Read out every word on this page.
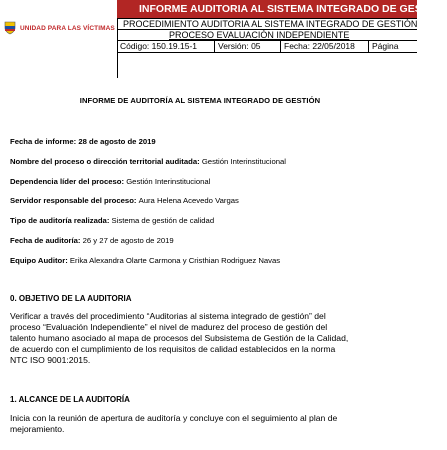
UNIDAD PARA LAS VÍCTIMAS
INFORME AUDITORIA AL SISTEMA INTEGRADO DE GESTIÓN
PROCEDIMIENTO AUDITORIA AL SISTEMA INTEGRADO DE GESTIÓN
PROCESO EVALUACIÓN INDEPENDIENTE
Código: 150.19.15-1	Versión: 05	Fecha: 22/05/2018	Página
INFORME DE AUDITORÍA AL SISTEMA INTEGRADO DE GESTIÓN
Fecha de informe: 28 de agosto de 2019
Nombre del proceso o dirección territorial auditada: Gestión Interinstitucional
Dependencia líder del proceso: Gestión Interinstitucional
Servidor responsable del proceso: Aura Helena Acevedo Vargas
Tipo de auditoría realizada: Sistema de gestión de calidad
Fecha de auditoría: 26 y 27 de agosto de 2019
Equipo Auditor: Erika Alexandra Olarte Carmona y Cristhian Rodriguez Navas
0. OBJETIVO DE LA AUDITORIA
Verificar a través del procedimiento “Auditorias al sistema integrado de gestión” del
proceso “Evaluación Independiente” el nivel de madurez del proceso de gestión del
talento humano asociado al mapa de procesos del Subsistema de Gestión de la Calidad,
de acuerdo con el cumplimiento de los requisitos de calidad establecidos en la norma
NTC ISO 9001:2015.
1. ALCANCE DE LA AUDITORÍA
Inicia con la reunión de apertura de auditoría y concluye con el seguimiento al plan de
mejoramiento.
